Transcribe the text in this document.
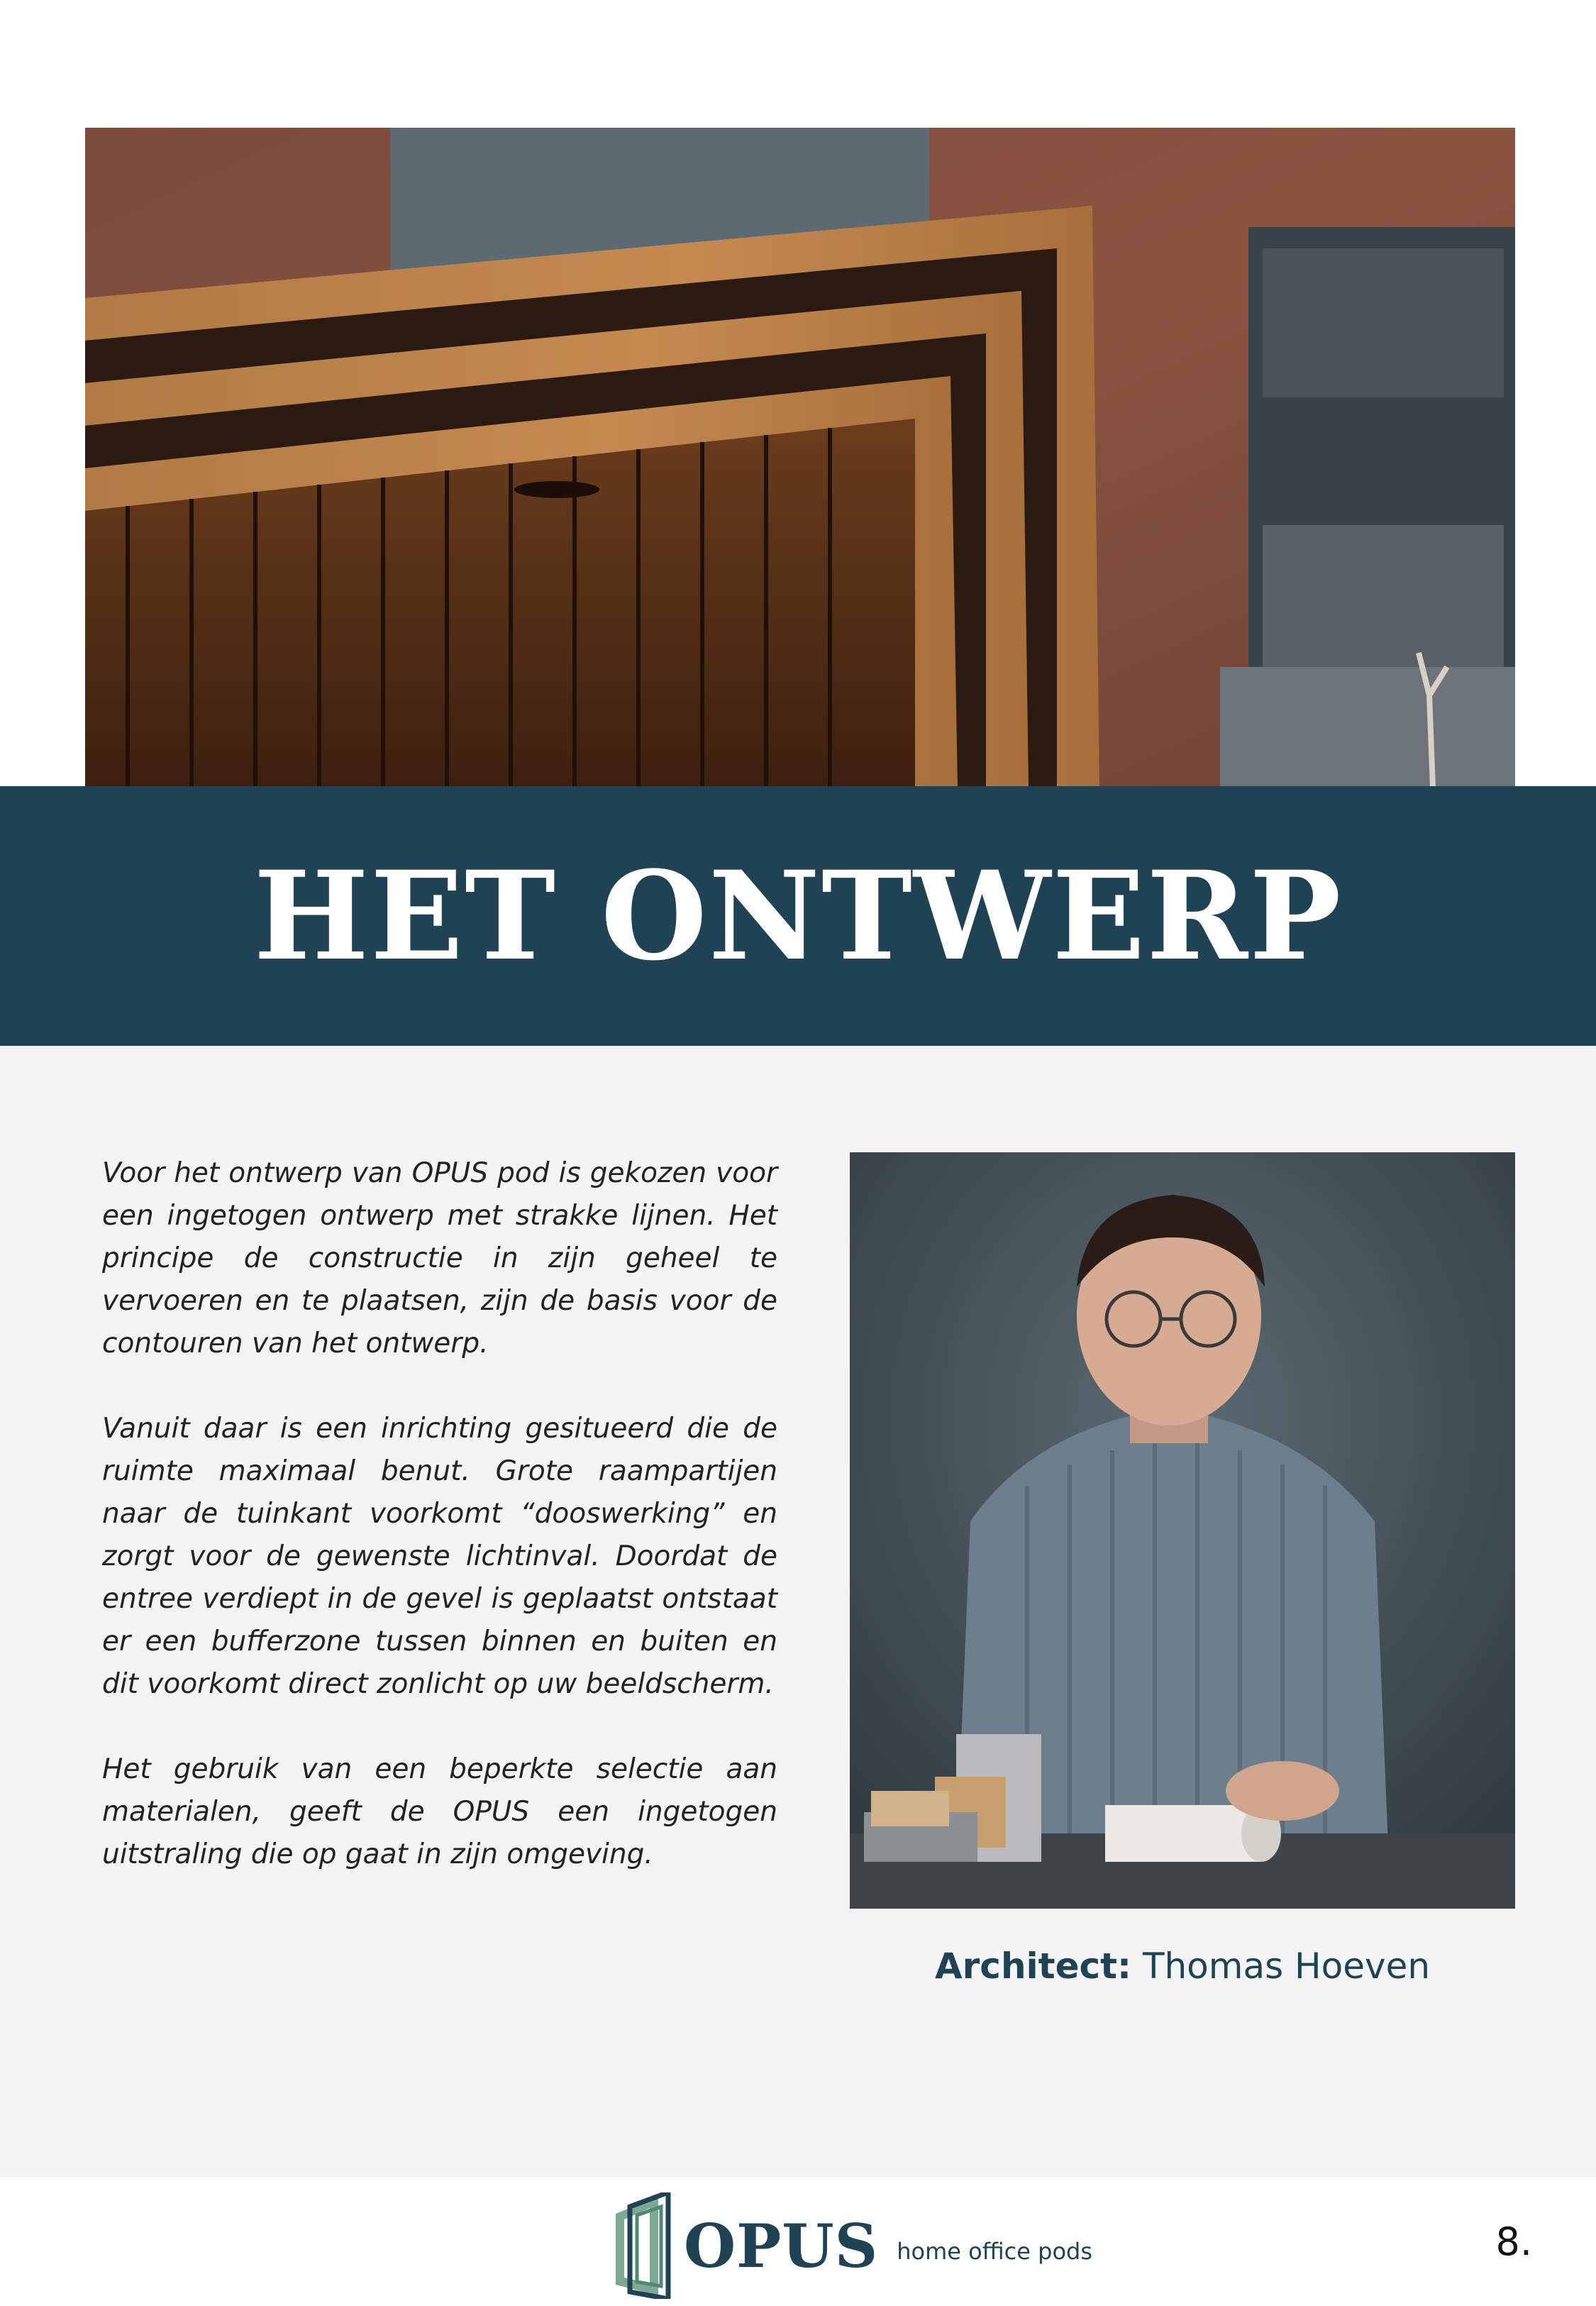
HET ONTWERP

Voor het ontwerp van OPUS pod is gekozen voor een ingetogen ontwerp met strakke lijnen. Het principe de constructie in zijn geheel te vervoeren en te plaatsen, zijn de basis voor de contouren van het ontwerp.

Vanuit daar is een inrichting gesitueerd die de ruimte maximaal benut. Grote raampartijen naar de tuinkant voorkomt “dooswerking” en zorgt voor de gewenste lichtinval. Doordat de entree verdiept in de gevel is geplaatst ontstaat er een bufferzone tussen binnen en buiten en dit voorkomt direct zonlicht op uw beeldscherm.

Het gebruik van een beperkte selectie aan materialen, geeft de OPUS een ingetogen uitstraling die op gaat in zijn omgeving.

Architect: Thomas Hoeven
OPUS home office pods	8.
